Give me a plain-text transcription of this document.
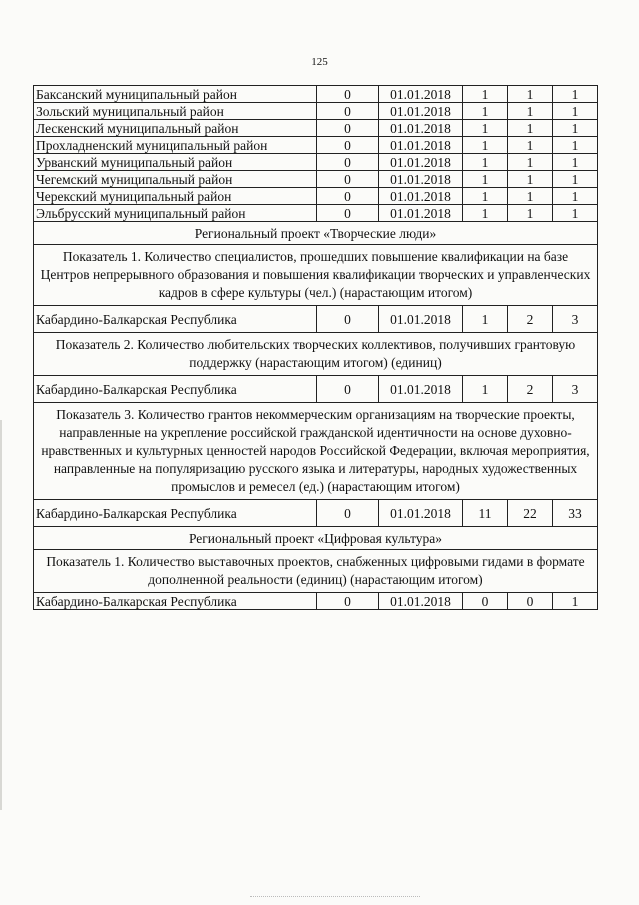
125
Баксанский муниципальный район	0	01.01.2018	1	1	1
Зольский муниципальный район	0	01.01.2018	1	1	1
Лескенский муниципальный район	0	01.01.2018	1	1	1
Прохладненский муниципальный район	0	01.01.2018	1	1	1
Урванский муниципальный район	0	01.01.2018	1	1	1
Чегемский муниципальный район	0	01.01.2018	1	1	1
Черекский муниципальный район	0	01.01.2018	1	1	1
Эльбрусский муниципальный район	0	01.01.2018	1	1	1
Региональный проект «Творческие люди»					
Показатель 1. Количество специалистов, прошедших повышение квалификации на базе Центров непрерывного образования и повышения квалификации творческих и управленческих кадров в сфере культуры (чел.) (нарастающим итогом)					
Кабардино-Балкарская Республика	0	01.01.2018	1	2	3
Показатель 2. Количество любительских творческих коллективов, получивших грантовую поддержку (нарастающим итогом) (единиц)					
Кабардино-Балкарская Республика	0	01.01.2018	1	2	3
Показатель 3. Количество грантов некоммерческим организациям на творческие проекты, направленные на укрепление российской гражданской идентичности на основе духовно-нравственных и культурных ценностей народов Российской Федерации, включая мероприятия, направленные на популяризацию русского языка и литературы, народных художественных промыслов и ремесел (ед.) (нарастающим итогом)					
Кабардино-Балкарская Республика	0	01.01.2018	11	22	33
Региональный проект «Цифровая культура»					
Показатель 1. Количество выставочных проектов, снабженных цифровыми гидами в формате дополненной реальности (единиц) (нарастающим итогом)					
Кабардино-Балкарская Республика	0	01.01.2018	0	0	1
